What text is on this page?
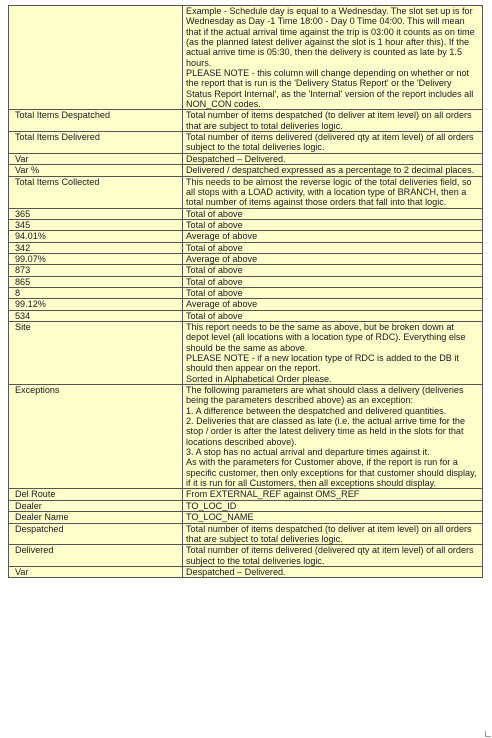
	Example - Schedule day is equal to a Wednesday. The slot set up is for Wednesday as Day -1 Time 18:00 - Day 0 Time 04:00. This will mean that if the actual arrival time against the trip is 03:00 it counts as on time (as the planned latest deliver against the slot is 1 hour after this). If the actual arrive time is 05:30, then the delivery is counted as late by 1.5 hours.
PLEASE NOTE - this column will change depending on whether or not the report that is run is the 'Delivery Status Report' or the 'Delivery Status Report Internal', as the 'Internal' version of the report includes all NON_CON codes.

Total Items Despatched	Total number of items despatched (to deliver at item level) on all orders that are subject to total deliveries logic.

Total Items Delivered	Total number of items delivered (delivered qty at item level) of all orders subject to the total deliveries logic.

Var	Despatched – Delivered.

Var %	Delivered / despatched expressed as a percentage to 2 decimal places.

Total Items Collected	This needs to be almost the reverse logic of the total deliveries field, so all stops with a LOAD activity, with a location type of BRANCH, then a total number of items against those orders that fall into that logic.

365	Total of above

345	Total of above

94.01%	Average of above

342	Total of above

99.07%	Average of above

873	Total of above

865	Total of above

8	Total of above

99.12%	Average of above

534	Total of above

Site	This report needs to be the same as above, but be broken down at depot level (all locations with a location type of RDC). Everything else should be the same as above.
PLEASE NOTE - if a new location type of RDC is added to the DB it should then appear on the report.
Sorted in Alphabetical Order please.

Exceptions	The following parameters are what should class a delivery (deliveries being the parameters described above) as an exception:
1. A difference between the despatched and delivered quantities.
2. Deliveries that are classed as late (i.e. the actual arrive time for the stop / order is after the latest delivery time as held in the slots for that locations described above).
3. A stop has no actual arrival and departure times against it.
As with the parameters for Customer above, if the report is run for a specific customer, then only exceptions for that customer should display, if it is run for all Customers, then all exceptions should display.

Del Route	From EXTERNAL_REF against OMS_REF

Dealer	TO_LOC_ID

Dealer Name	TO_LOC_NAME

Despatched	Total number of items despatched (to deliver at item level) on all orders that are subject to total deliveries logic.

Delivered	Total number of items delivered (delivered qty at item level) of all orders subject to the total deliveries logic.

Var	Despatched – Delivered.
